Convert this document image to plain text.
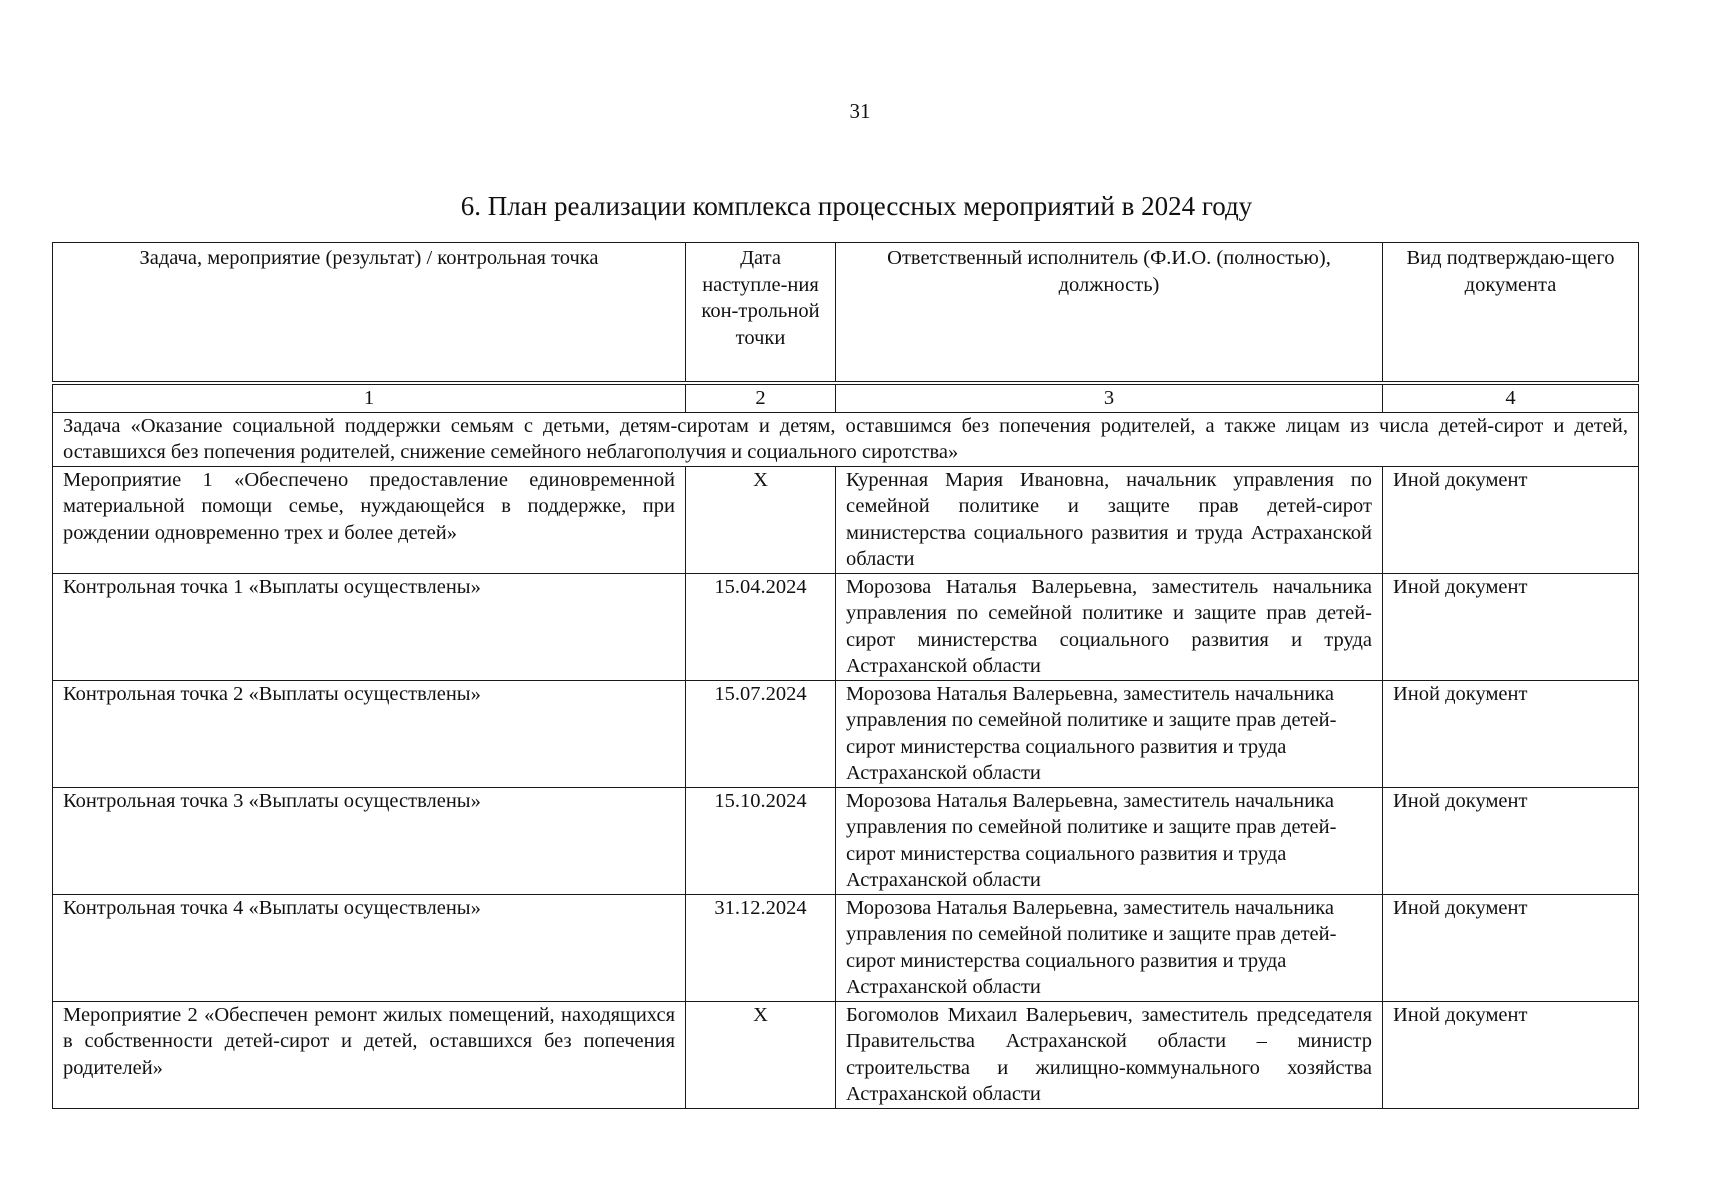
31
6. План реализации комплекса процессных мероприятий в 2024 году
Задача, мероприятие (результат) / контрольная точка	Дата наступле-ния кон-трольной точки	Ответственный исполнитель (Ф.И.О. (полностью), должность)	Вид подтверждаю-щего документа
1	2	3	4
Задача «Оказание социальной поддержки семьям с детьми, детям-сиротам и детям, оставшимся без попечения родителей, а также лицам из числа детей-сирот и детей, оставшихся без попечения родителей, снижение семейного неблагополучия и социального сиротства»			
Мероприятие 1 «Обеспечено предоставление единовременной материальной помощи семье, нуждающейся в поддержке, при рождении одновременно трех и более детей»	X	Куренная Мария Ивановна, начальник управления по семейной политике и защите прав детей-сирот министерства социального развития и труда Астраханской области	Иной документ
Контрольная точка 1 «Выплаты осуществлены»	15.04.2024	Морозова Наталья Валерьевна, заместитель начальника управления по семейной политике и защите прав детей-сирот министерства социального развития и труда Астраханской области	Иной документ
Контрольная точка 2 «Выплаты осуществлены»	15.07.2024	Морозова Наталья Валерьевна, заместитель начальника управления по семейной политике и защите прав детей-сирот министерства социального развития и труда Астраханской области	Иной документ
Контрольная точка 3 «Выплаты осуществлены»	15.10.2024	Морозова Наталья Валерьевна, заместитель начальника управления по семейной политике и защите прав детей-сирот министерства социального развития и труда Астраханской области	Иной документ
Контрольная точка 4 «Выплаты осуществлены»	31.12.2024	Морозова Наталья Валерьевна, заместитель начальника управления по семейной политике и защите прав детей-сирот министерства социального развития и труда Астраханской области	Иной документ
Мероприятие 2 «Обеспечен ремонт жилых помещений, находящихся в собственности детей-сирот и детей, оставшихся без попечения родителей»	X	Богомолов Михаил Валерьевич, заместитель председателя Правительства Астраханской области – министр строительства и жилищно-коммунального хозяйства Астраханской области	Иной документ
